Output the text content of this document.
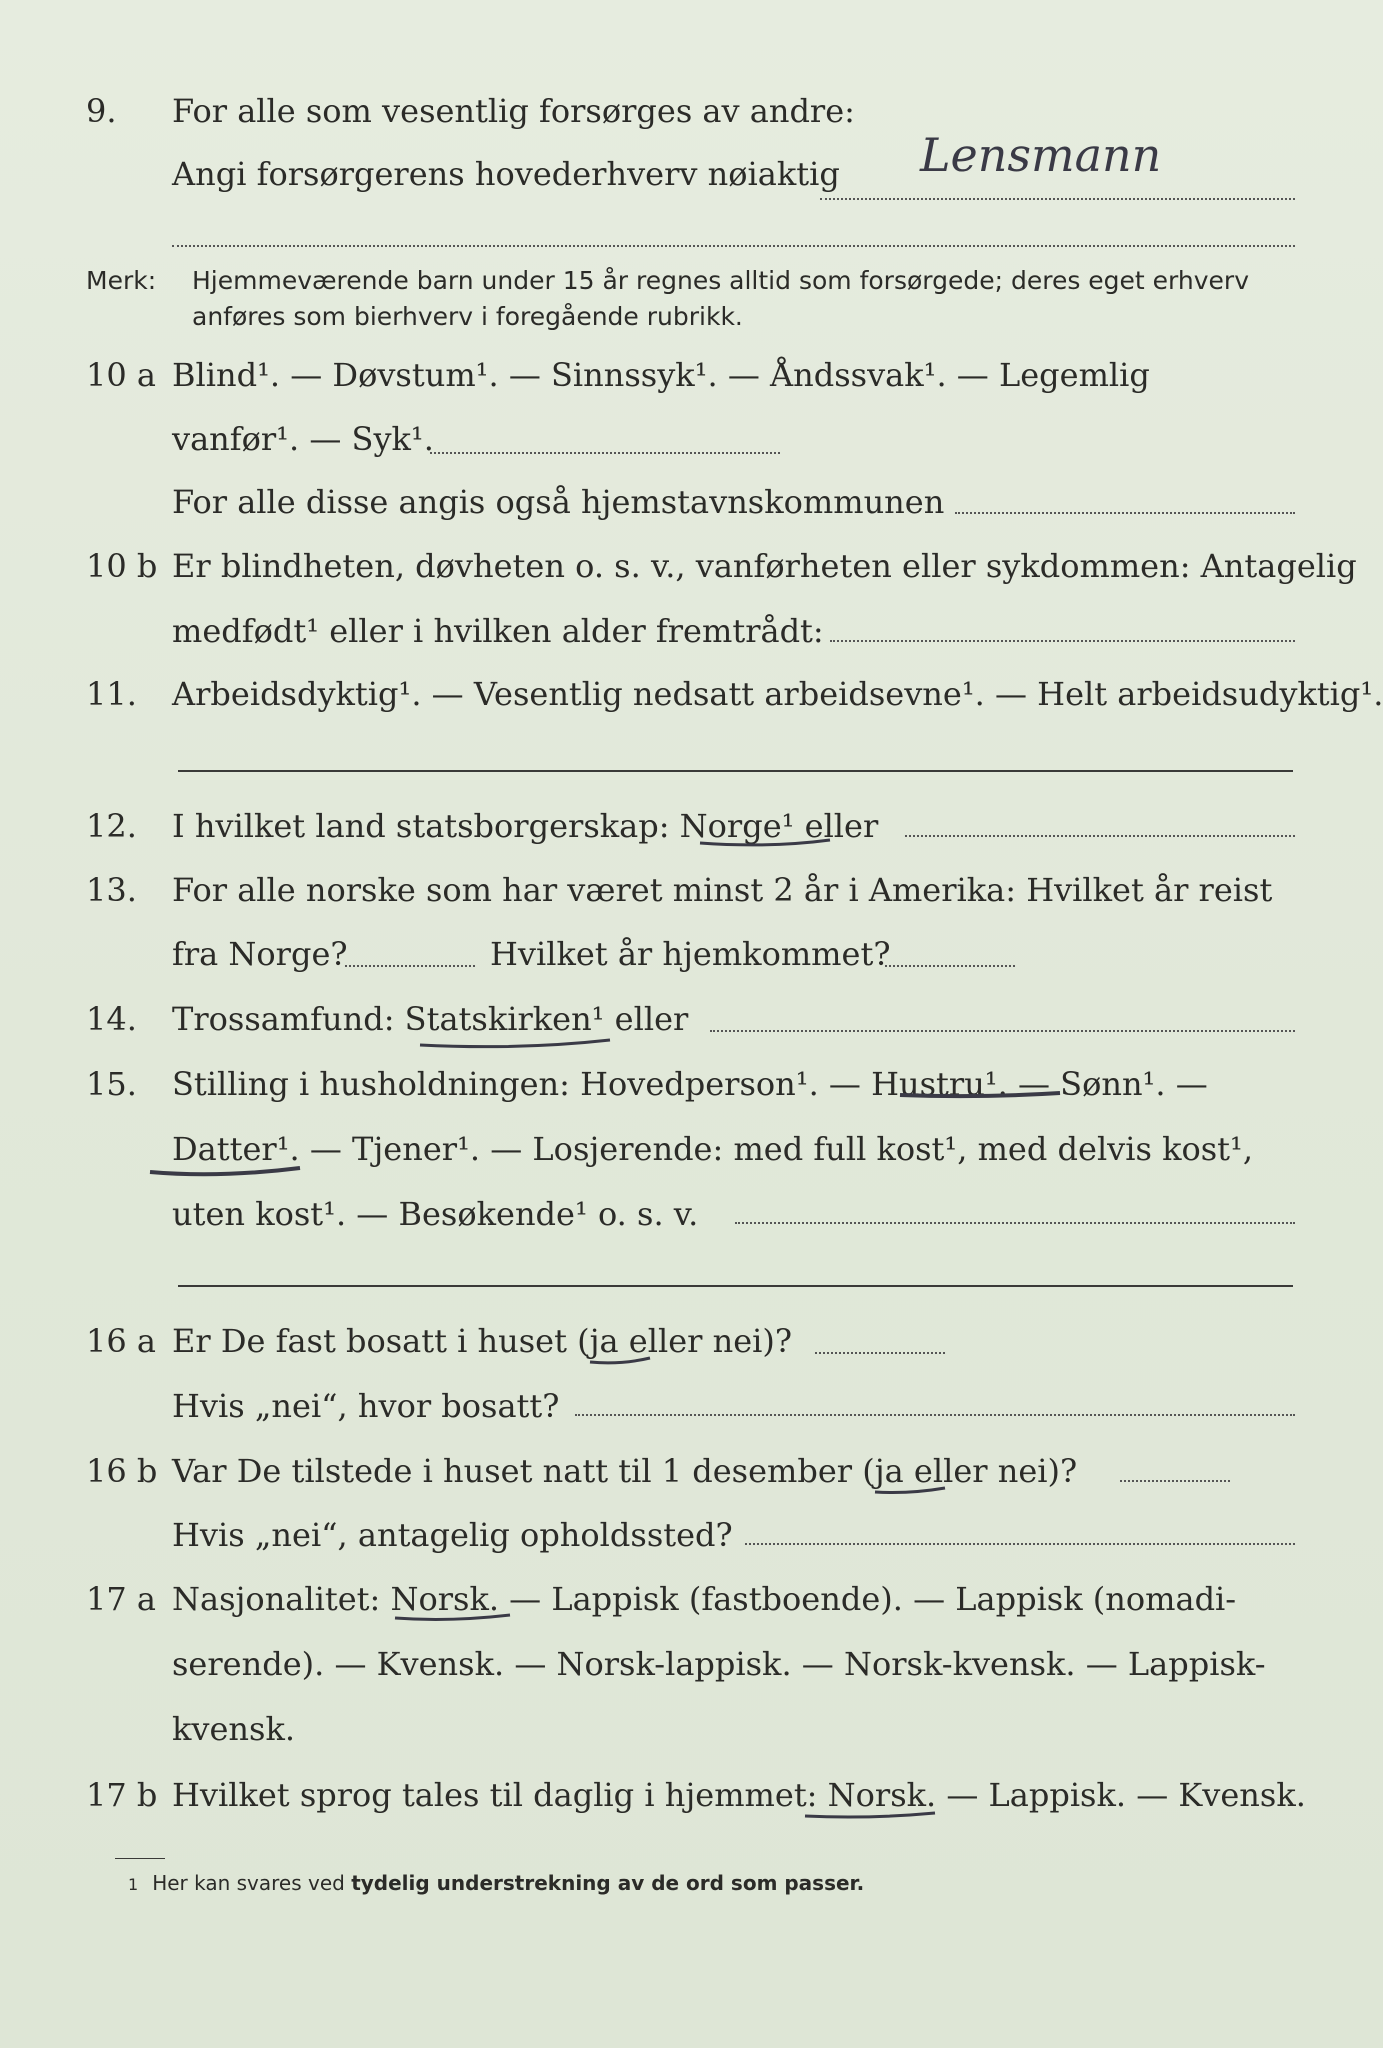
9. For alle som vesentlig forsørges av andre:
Angi forsørgerens hovederhverv nøiaktig Lensmann
Merk: Hjemmeværende barn under 15 år regnes alltid som forsørgede; deres eget erhverv
anføres som bierhverv i foregående rubrikk.
10 a Blind¹. — Døvstum¹. — Sinnssyk¹. — Åndssvak¹. — Legemlig
vanfør¹. — Syk¹.
For alle disse angis også hjemstavnskommunen
10 b Er blindheten, døvheten o. s. v., vanførheten eller sykdommen: Antagelig
medfødt¹ eller i hvilken alder fremtrådt:
11. Arbeidsdyktig¹. — Vesentlig nedsatt arbeidsevne¹. — Helt arbeidsudyktig¹.
12. I hvilket land statsborgerskap: Norge¹ eller
13. For alle norske som har været minst 2 år i Amerika: Hvilket år reist
fra Norge?	Hvilket år hjemkommet?
14. Trossamfund: Statskirken¹ eller
15. Stilling i husholdningen: Hovedperson¹. — Hustru¹. — Sønn¹. —
Datter¹. — Tjener¹. — Losjerende: med full kost¹, med delvis kost¹,
uten kost¹. — Besøkende¹ o. s. v.
16 a Er De fast bosatt i huset (ja eller nei)?
Hvis „nei“, hvor bosatt?
16 b Var De tilstede i huset natt til 1 desember (ja eller nei)?
Hvis „nei“, antagelig opholdssted?
17 a Nasjonalitet: Norsk. — Lappisk (fastboende). — Lappisk (nomadi-
serende). — Kvensk. — Norsk-lappisk. — Norsk-kvensk. — Lappisk-
kvensk.
17 b Hvilket sprog tales til daglig i hjemmet: Norsk. — Lappisk. — Kvensk.
1 Her kan svares ved tydelig understrekning av de ord som passer.
